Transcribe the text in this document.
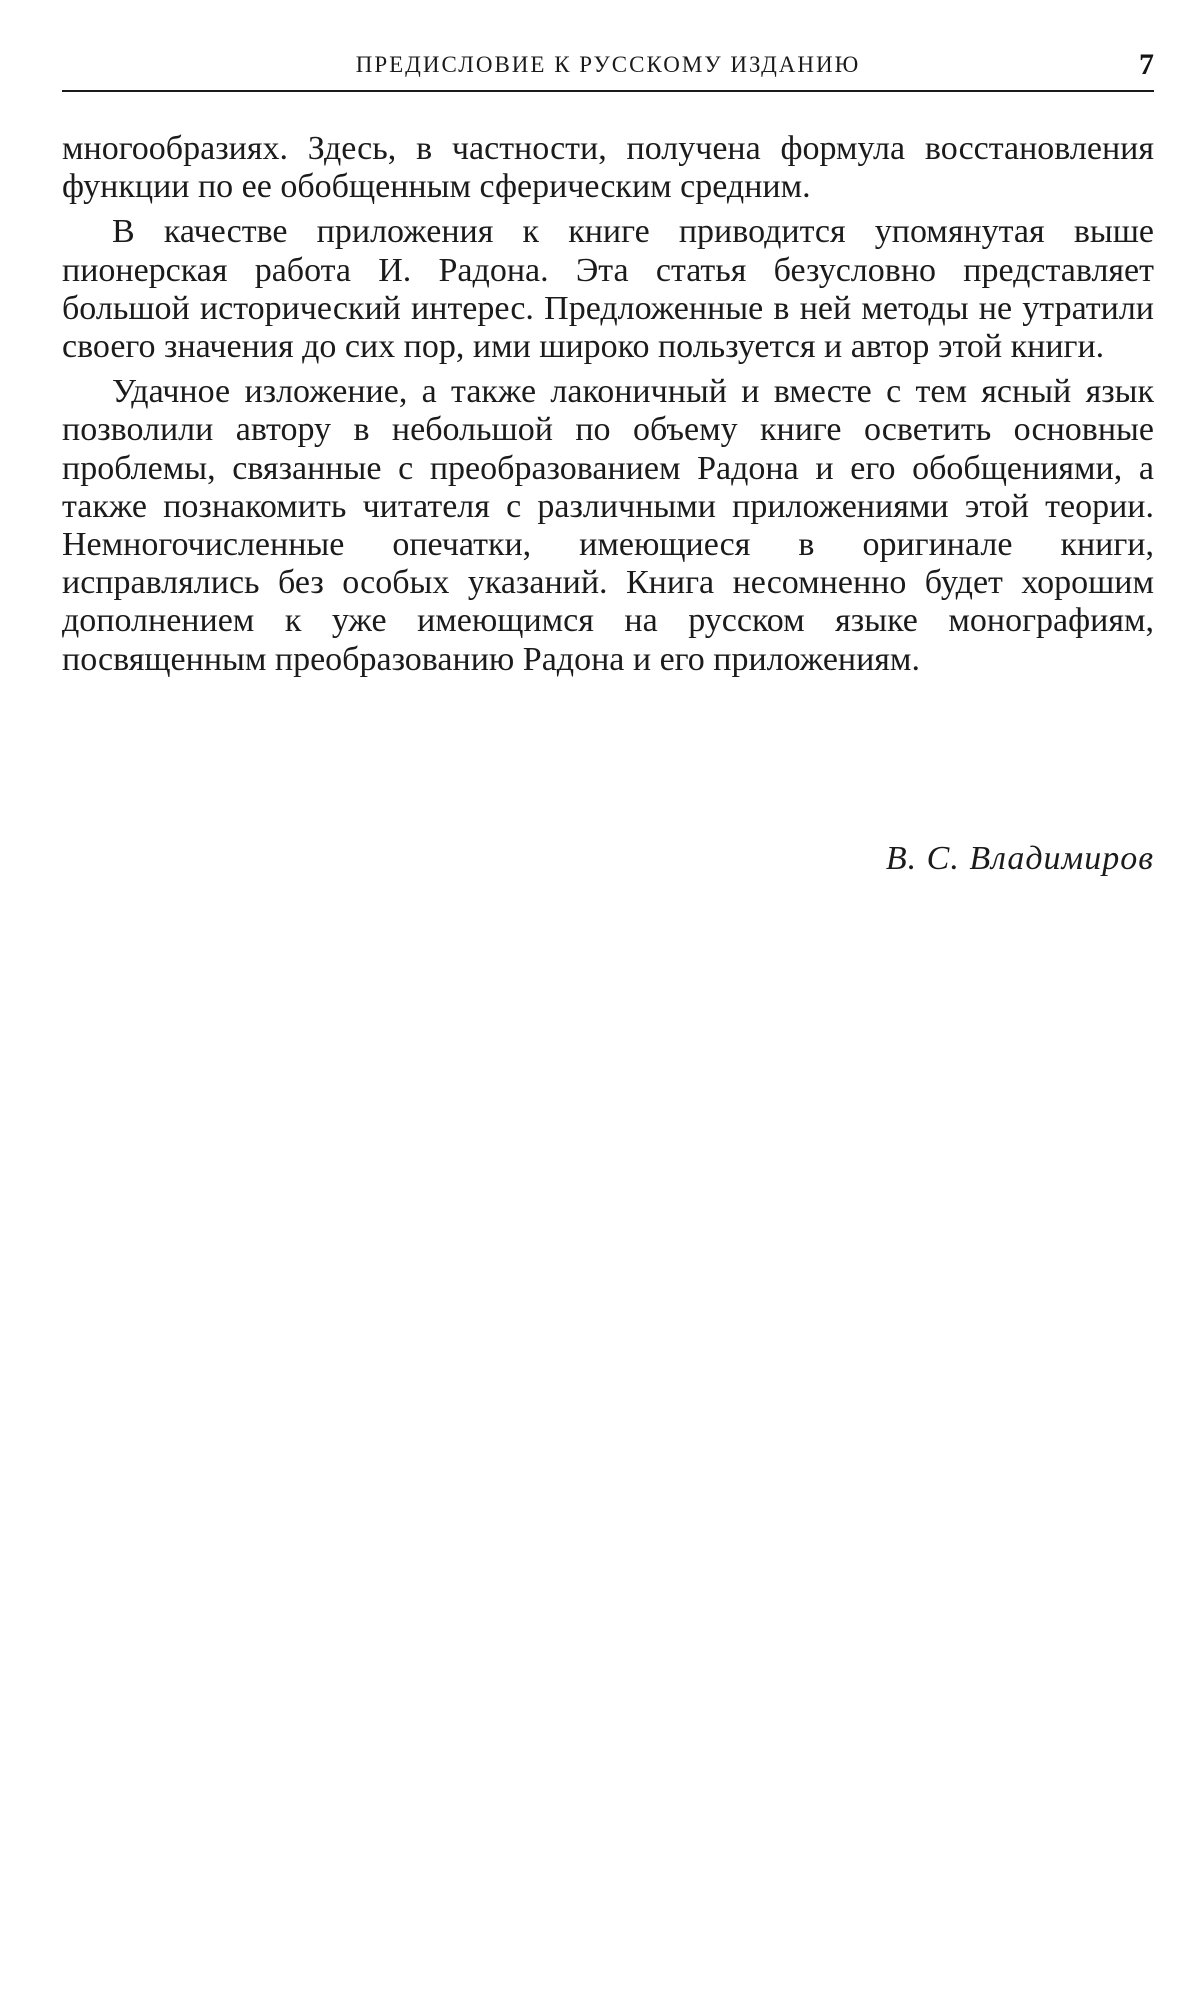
ПРЕДИСЛОВИЕ К РУССКОМУ ИЗДАНИЮ	7

многообразиях. Здесь, в частности, получена формула восстановления функции по ее обобщенным сферическим средним.

В качестве приложения к книге приводится упомянутая выше пионерская работа И. Радона. Эта статья безусловно представляет большой исторический интерес. Предложенные в ней методы не утратили своего значения до сих пор, ими широко пользуется и автор этой книги.

Удачное изложение, а также лаконичный и вместе с тем ясный язык позволили автору в небольшой по объему книге осветить основные проблемы, связанные с преобразованием Радона и его обобщениями, а также познакомить читателя с различными приложениями этой теории. Немногочисленные опечатки, имеющиеся в оригинале книги, исправлялись без особых указаний. Книга несомненно будет хорошим дополнением к уже имеющимся на русском языке монографиям, посвященным преобразованию Радона и его приложениям.

В. С. Владимиров
